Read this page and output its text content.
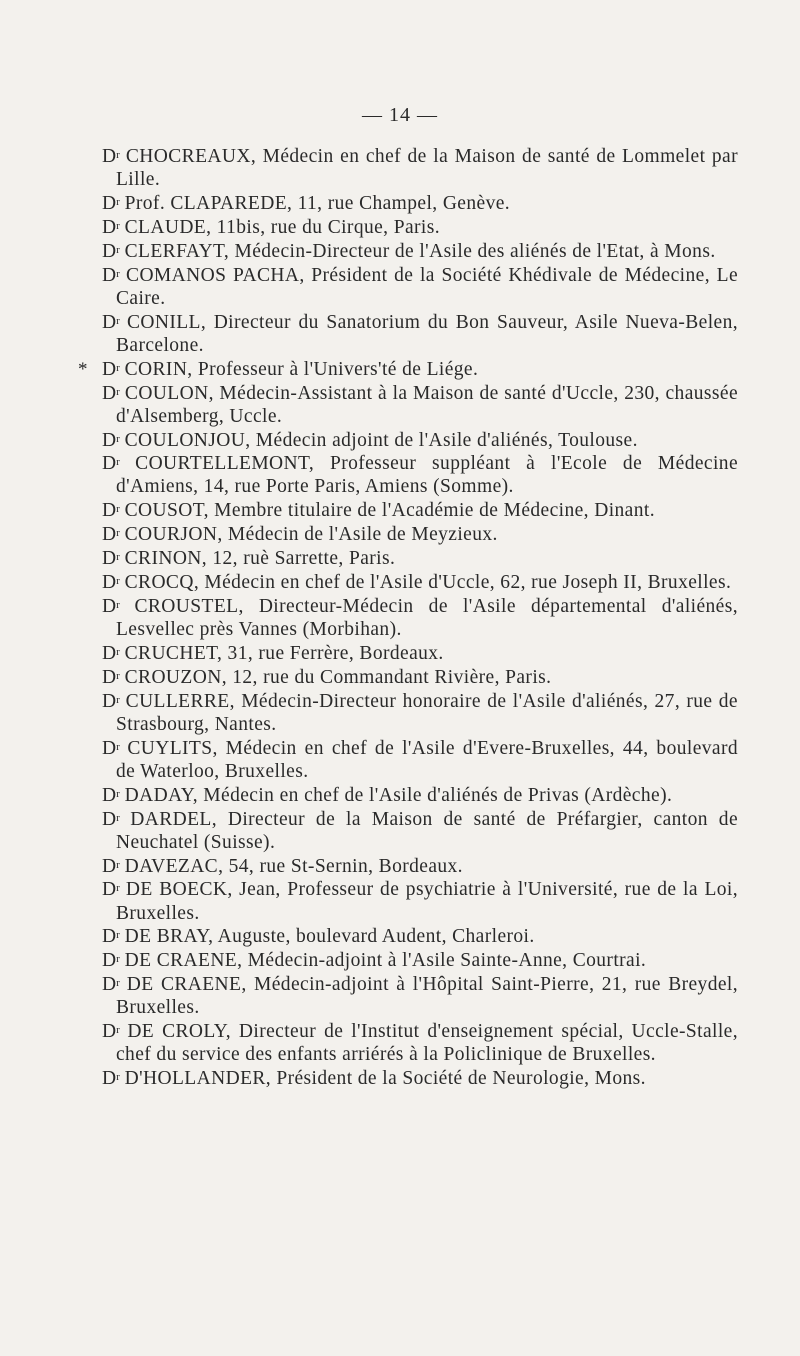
— 14 —
$D^r$ CHOCREAUX, Médecin en chef de la Maison de santé de Lommelet par Lille.
$D^r$ Prof. CLAPAREDE, 11, rue Champel, Genève.
$D^r$ CLAUDE, 11bis, rue du Cirque, Paris.
$D^r$ CLERFAYT, Médecin-Directeur de l'Asile des aliénés de l'Etat, à Mons.
$D^r$ COMANOS PACHA, Président de la Société Khédivale de Médecine, Le Caire.
$D^r$ CONILL, Directeur du Sanatorium du Bon Sauveur, Asile Nueva-Belen, Barcelone.
* $D^r$ CORIN, Professeur à l'Univers'té de Liége.
$D^r$ COULON, Médecin-Assistant à la Maison de santé d'Uccle, 230, chaussée d'Alsemberg, Uccle.
$D^r$ COULONJOU, Médecin adjoint de l'Asile d'aliénés, Toulouse.
$D^r$ COURTELLEMONT, Professeur suppléant à l'Ecole de Médecine d'Amiens, 14, rue Porte Paris, Amiens (Somme).
$D^r$ COUSOT, Membre titulaire de l'Académie de Médecine, Dinant.
$D^r$ COURJON, Médecin de l'Asile de Meyzieux.
$D^r$ CRINON, 12, ruè Sarrette, Paris.
$D^r$ CROCQ, Médecin en chef de l'Asile d'Uccle, 62, rue Joseph II, Bruxelles.
$D^r$ CROUSTEL, Directeur-Médecin de l'Asile départemental d'aliénés, Lesvellec près Vannes (Morbihan).
$D^r$ CRUCHET, 31, rue Ferrère, Bordeaux.
$D^r$ CROUZON, 12, rue du Commandant Rivière, Paris.
$D^r$ CULLERRE, Médecin-Directeur honoraire de l'Asile d'aliénés, 27, rue de Strasbourg, Nantes.
$D^r$ CUYLITS, Médecin en chef de l'Asile d'Evere-Bruxelles, 44, boulevard de Waterloo, Bruxelles.
$D^r$ DADAY, Médecin en chef de l'Asile d'aliénés de Privas (Ardèche).
$D^r$ DARDEL, Directeur de la Maison de santé de Préfargier, canton de Neuchatel (Suisse).
$D^r$ DAVEZAC, 54, rue St-Sernin, Bordeaux.
$D^r$ DE BOECK, Jean, Professeur de psychiatrie à l'Université, rue de la Loi, Bruxelles.
$D^r$ DE BRAY, Auguste, boulevard Audent, Charleroi.
$D^r$ DE CRAENE, Médecin-adjoint à l'Asile Sainte-Anne, Courtrai.
$D^r$ DE CRAENE, Médecin-adjoint à l'Hôpital Saint-Pierre, 21, rue Breydel, Bruxelles.
$D^r$ DE CROLY, Directeur de l'Institut d'enseignement spécial, Uccle-Stalle, chef du service des enfants arriérés à la Policlinique de Bruxelles.
$D^r$ D'HOLLANDER, Président de la Société de Neurologie, Mons.
